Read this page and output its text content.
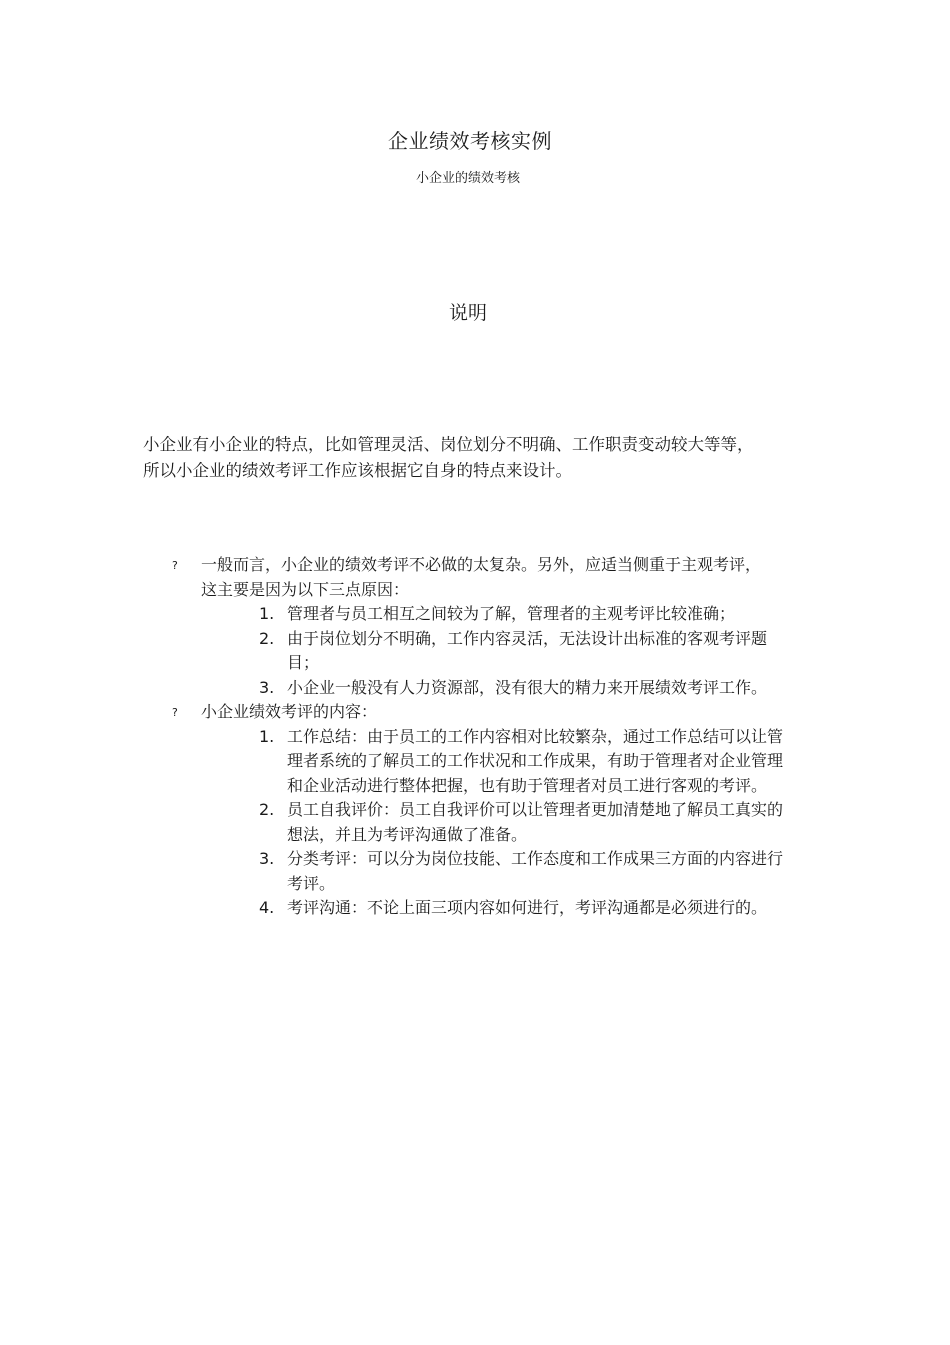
企业绩效考核实例
小企业的绩效考核
说明

小企业有小企业的特点，比如管理灵活、岗位划分不明确、工作职责变动较大等等，所以小企业的绩效考评工作应该根据它自身的特点来设计。

? 一般而言，小企业的绩效考评不必做的太复杂。另外，应适当侧重于主观考评，这主要是因为以下三点原因：
1. 管理者与员工相互之间较为了解，管理者的主观考评比较准确；
2. 由于岗位划分不明确，工作内容灵活，无法设计出标准的客观考评题目；
3. 小企业一般没有人力资源部，没有很大的精力来开展绩效考评工作。
? 小企业绩效考评的内容：
1. 工作总结：由于员工的工作内容相对比较繁杂，通过工作总结可以让管理者系统的了解员工的工作状况和工作成果，有助于管理者对企业管理和企业活动进行整体把握，也有助于管理者对员工进行客观的考评。
2. 员工自我评价：员工自我评价可以让管理者更加清楚地了解员工真实的想法，并且为考评沟通做了准备。
3. 分类考评：可以分为岗位技能、工作态度和工作成果三方面的内容进行考评。
4. 考评沟通：不论上面三项内容如何进行，考评沟通都是必须进行的。
